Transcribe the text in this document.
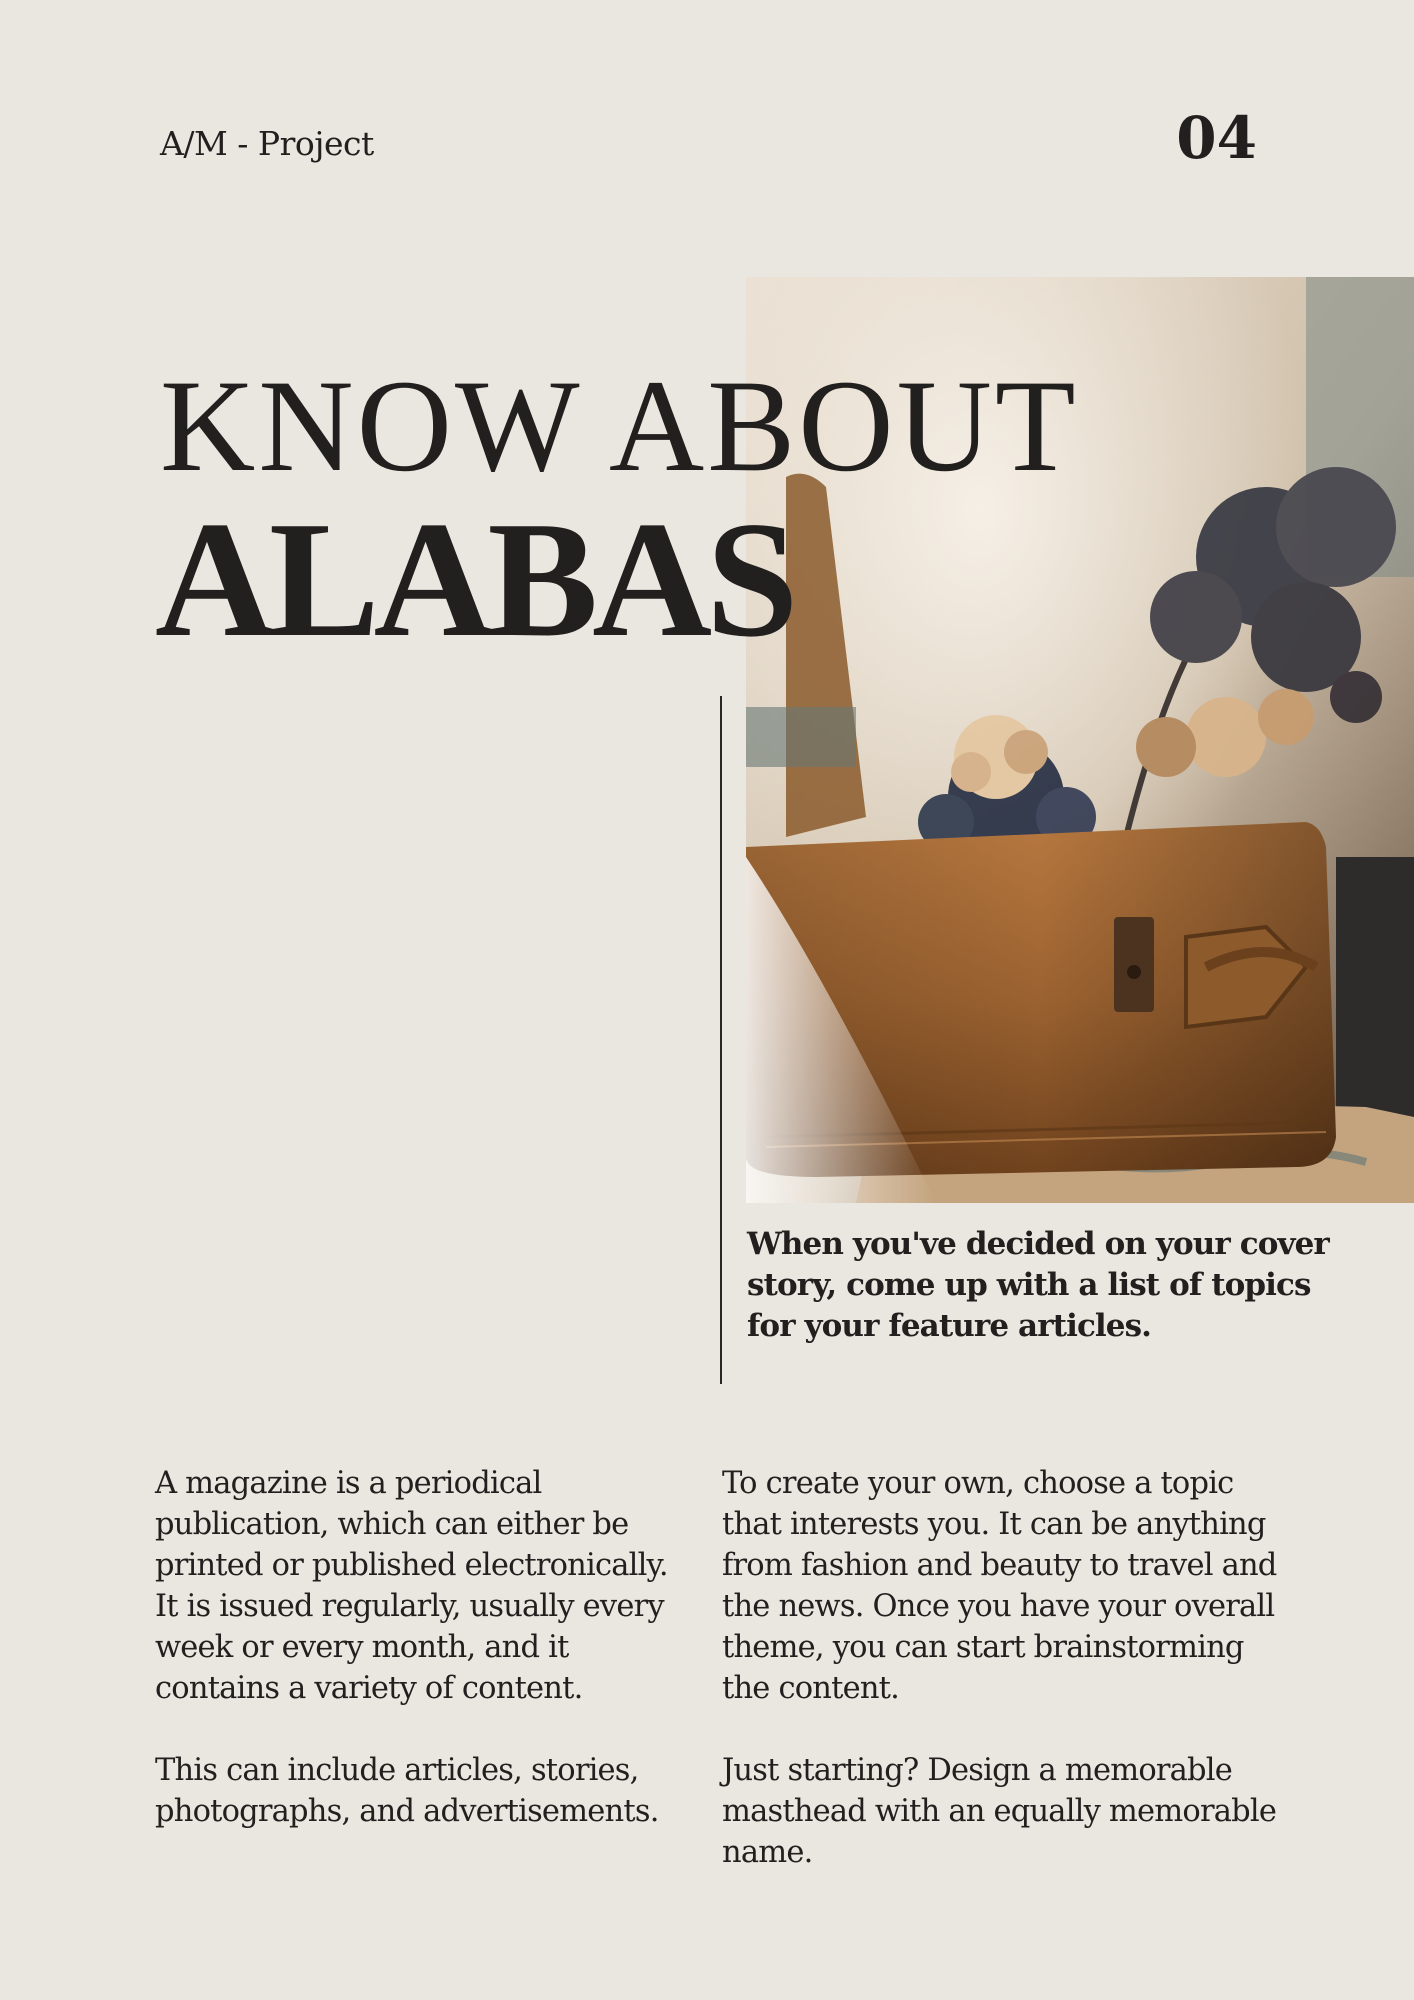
A/M - Project	04
KNOW ABOUT
ALABAS
When you've decided on your cover story, come up with a list of topics for your feature articles.

A magazine is a periodical publication, which can either be printed or published electronically. It is issued regularly, usually every week or every month, and it contains a variety of content.

This can include articles, stories, photographs, and advertisements.

To create your own, choose a topic that interests you. It can be anything from fashion and beauty to travel and the news. Once you have your overall theme, you can start brainstorming the content.

Just starting? Design a memorable masthead with an equally memorable name.
